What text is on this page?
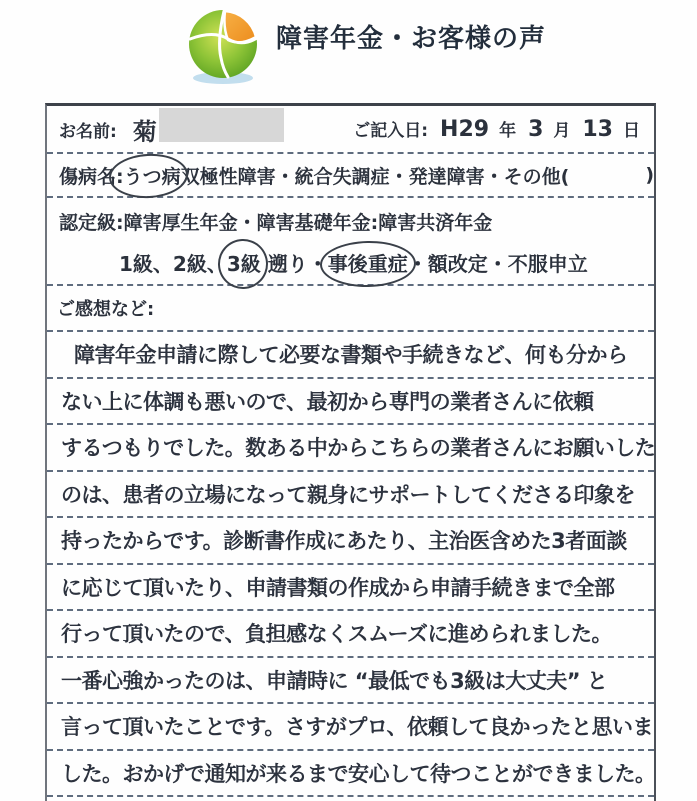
障害年金・お客様の声
お名前: 菊	ご記入日: H29 年 3 月 13 日
傷病名: うつ病 双極性障害・統合失調症・発達障害・その他(	)
認定級:障害厚生年金・障害基礎年金:障害共済年金
1級、2級、3級 遡り・事後重症・額改定・不服申立
ご感想など:
障害年金申請に際して必要な書類や手続きなど、何も分から
ない上に体調も悪いので、最初から専門の業者さんに依頼
するつもりでした。数ある中からこちらの業者さんにお願いした
のは、患者の立場になって親身にサポートしてくださる印象を
持ったからです。診断書作成にあたり、主治医含めた3者面談
に応じて頂いたり、申請書類の作成から申請手続きまで全部
行って頂いたので、負担感なくスムーズに進められました。
一番心強かったのは、申請時に “最低でも3級は大丈夫” と
言って頂いたことです。さすがプロ、依頼して良かったと思いま
した。おかげで通知が来るまで安心して待つことができました。
